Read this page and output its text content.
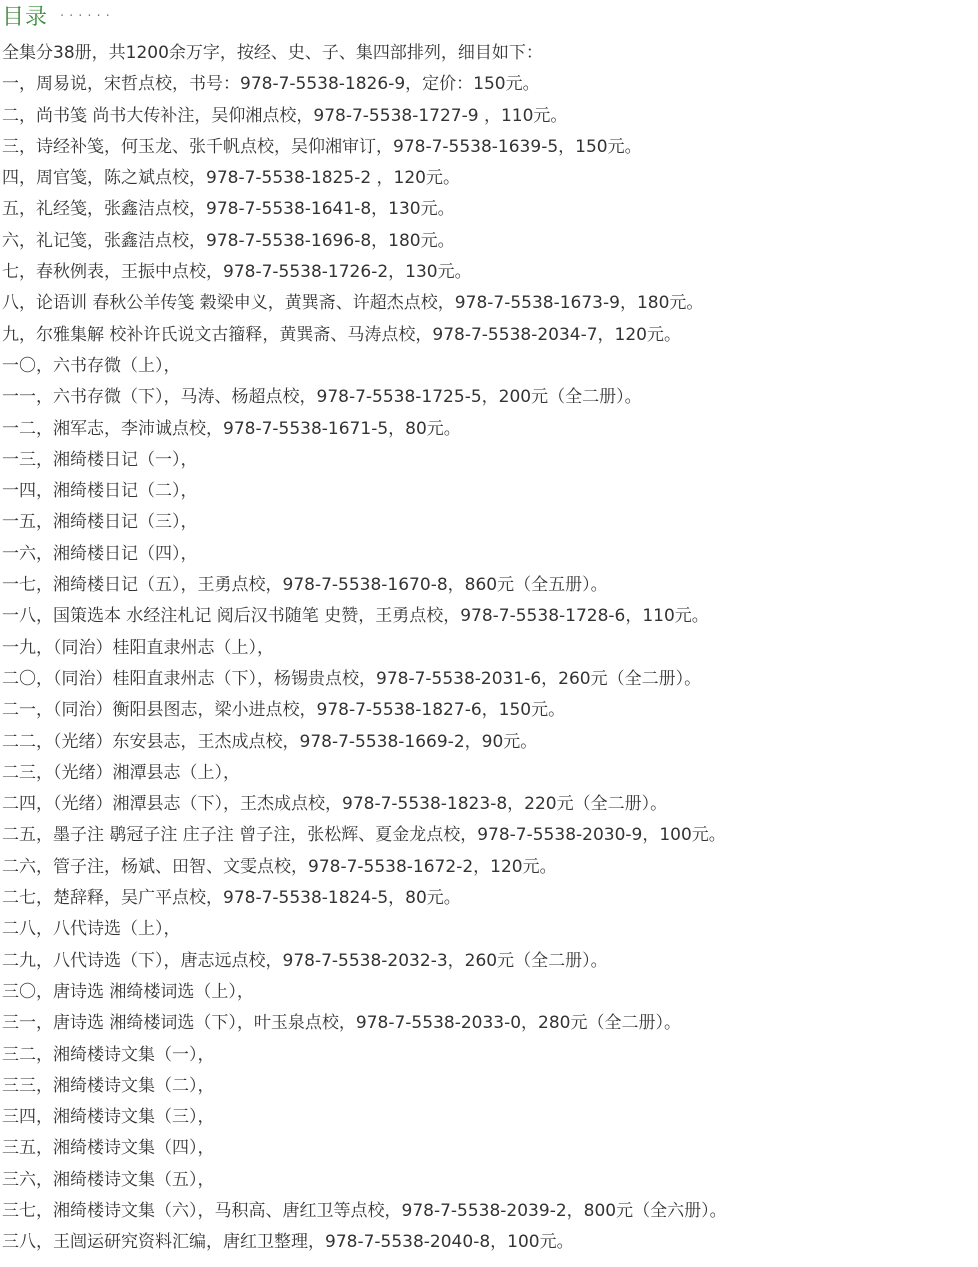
目录 ······
全集分38册，共1200余万字，按经、史、子、集四部排列，细目如下：
一，周易说，宋哲点校，书号：978-7-5538-1826-9，定价：150元。
二，尚书笺 尚书大传补注，吴仰湘点校，978-7-5538-1727-9 ，110元。
三，诗经补笺，何玉龙、张千帆点校，吴仰湘审订，978-7-5538-1639-5，150元。
四，周官笺，陈之斌点校，978-7-5538-1825-2 ，120元。
五，礼经笺，张鑫洁点校，978-7-5538-1641-8，130元。
六，礼记笺，张鑫洁点校，978-7-5538-1696-8，180元。
七，春秋例表，王振中点校，978-7-5538-1726-2，130元。
八，论语训 春秋公羊传笺 穀梁申义，黄巽斋、许超杰点校，978-7-5538-1673-9，180元。
九，尔雅集解 校补许氏说文古籀释，黄巽斋、马涛点校，978-7-5538-2034-7，120元。
一〇，六书存微（上），
一一，六书存微（下），马涛、杨超点校，978-7-5538-1725-5，200元（全二册）。
一二，湘军志，李沛诚点校，978-7-5538-1671-5，80元。
一三，湘绮楼日记（一），
一四，湘绮楼日记（二），
一五，湘绮楼日记（三），
一六，湘绮楼日记（四），
一七，湘绮楼日记（五），王勇点校，978-7-5538-1670-8，860元（全五册）。
一八，国策选本 水经注札记 阅后汉书随笔 史赞，王勇点校，978-7-5538-1728-6，110元。
一九，（同治）桂阳直隶州志（上），
二〇，（同治）桂阳直隶州志（下），杨锡贵点校，978-7-5538-2031-6，260元（全二册）。
二一，（同治）衡阳县图志，梁小进点校，978-7-5538-1827-6，150元。
二二，（光绪）东安县志，王杰成点校，978-7-5538-1669-2，90元。
二三，（光绪）湘潭县志（上），
二四，（光绪）湘潭县志（下），王杰成点校，978-7-5538-1823-8，220元（全二册）。
二五，墨子注 鹖冠子注 庄子注 曾子注，张松辉、夏金龙点校，978-7-5538-2030-9，100元。
二六，管子注，杨斌、田智、文雯点校，978-7-5538-1672-2，120元。
二七，楚辞释，吴广平点校，978-7-5538-1824-5，80元。
二八，八代诗选（上），
二九，八代诗选（下），唐志远点校，978-7-5538-2032-3，260元（全二册）。
三〇，唐诗选 湘绮楼词选（上），
三一，唐诗选 湘绮楼词选（下），叶玉泉点校，978-7-5538-2033-0，280元（全二册）。
三二，湘绮楼诗文集（一），
三三，湘绮楼诗文集（二），
三四，湘绮楼诗文集（三），
三五，湘绮楼诗文集（四），
三六，湘绮楼诗文集（五），
三七，湘绮楼诗文集（六），马积高、唐红卫等点校，978-7-5538-2039-2，800元（全六册）。
三八，王闿运研究资料汇编，唐红卫整理，978-7-5538-2040-8，100元。
